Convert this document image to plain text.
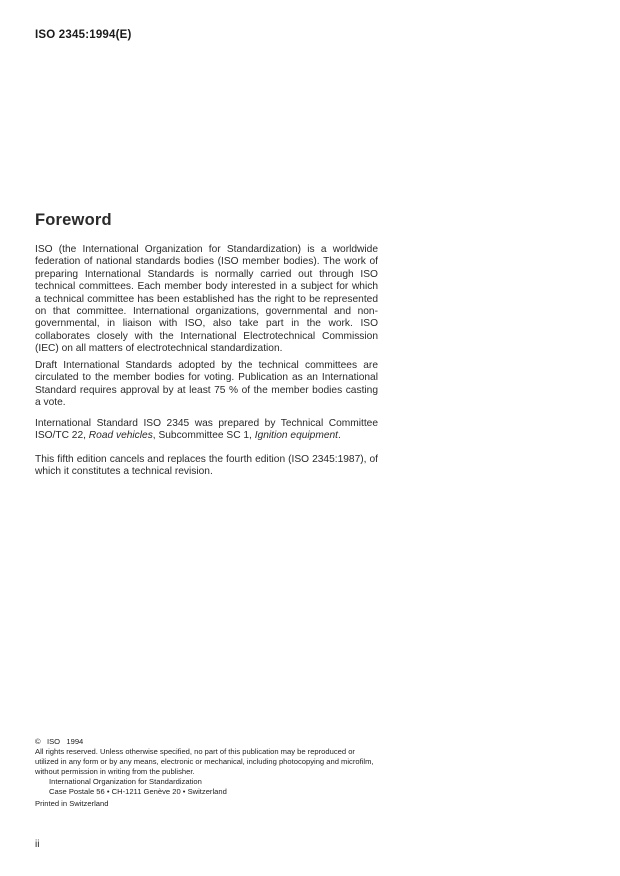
ISO 2345:1994(E)
Foreword

ISO (the International Organization for Standardization) is a worldwide federation of national standards bodies (ISO member bodies). The work of preparing International Standards is normally carried out through ISO technical committees. Each member body interested in a subject for which a technical committee has been established has the right to be represented on that committee. International organizations, governmental and non-governmental, in liaison with ISO, also take part in the work. ISO collaborates closely with the International Electrotechnical Commission (IEC) on all matters of electrotechnical standardization.

Draft International Standards adopted by the technical committees are circulated to the member bodies for voting. Publication as an International Standard requires approval by at least 75 % of the member bodies casting a vote.

International Standard ISO 2345 was prepared by Technical Committee ISO/TC 22, Road vehicles, Subcommittee SC 1, Ignition equipment.

This fifth edition cancels and replaces the fourth edition (ISO 2345:1987), of which it constitutes a technical revision.

© ISO 1994
All rights reserved. Unless otherwise specified, no part of this publication may be reproduced or utilized in any form or by any means, electronic or mechanical, including photocopying and microfilm, without permission in writing from the publisher.
International Organization for Standardization
Case Postale 56 • CH-1211 Genève 20 • Switzerland
Printed in Switzerland
ii
